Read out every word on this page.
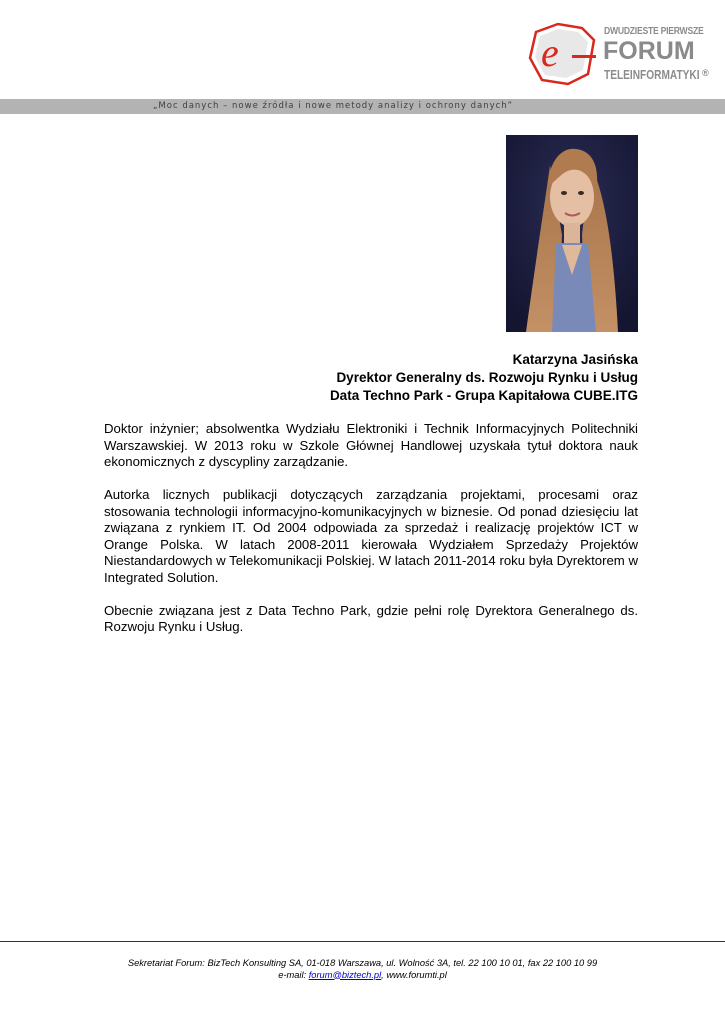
e	DWUDZIESTE PIERWSZE
FORUM
TELEINFORMATYKI ®
„Moc danych – nowe źródła i nowe metody analizy i ochrony danych”
Katarzyna Jasińska
Dyrektor Generalny ds. Rozwoju Rynku i Usług
Data Techno Park - Grupa Kapitałowa CUBE.ITG

Doktor inżynier; absolwentka Wydziału Elektroniki i Technik Informacyjnych Politechniki Warszawskiej. W 2013 roku w Szkole Głównej Handlowej uzyskała tytuł doktora nauk ekonomicznych z dyscypliny zarządzanie.

Autorka licznych publikacji dotyczących zarządzania projektami, procesami oraz stosowania technologii informacyjno-komunikacyjnych w biznesie. Od ponad dziesięciu lat związana z rynkiem IT. Od 2004 odpowiada za sprzedaż i realizację projektów ICT w Orange Polska. W latach 2008-2011 kierowała Wydziałem Sprzedaży Projektów Niestandardowych w Telekomunikacji Polskiej. W latach 2011-2014 roku była Dyrektorem w Integrated Solution.

Obecnie związana jest z Data Techno Park, gdzie pełni rolę Dyrektora Generalnego ds. Rozwoju Rynku i Usług.

Sekretariat Forum: BizTech Konsulting SA, 01-018 Warszawa, ul. Wolność 3A, tel. 22 100 10 01, fax 22 100 10 99
e-mail: forum@biztech.pl, www.forumti.pl
